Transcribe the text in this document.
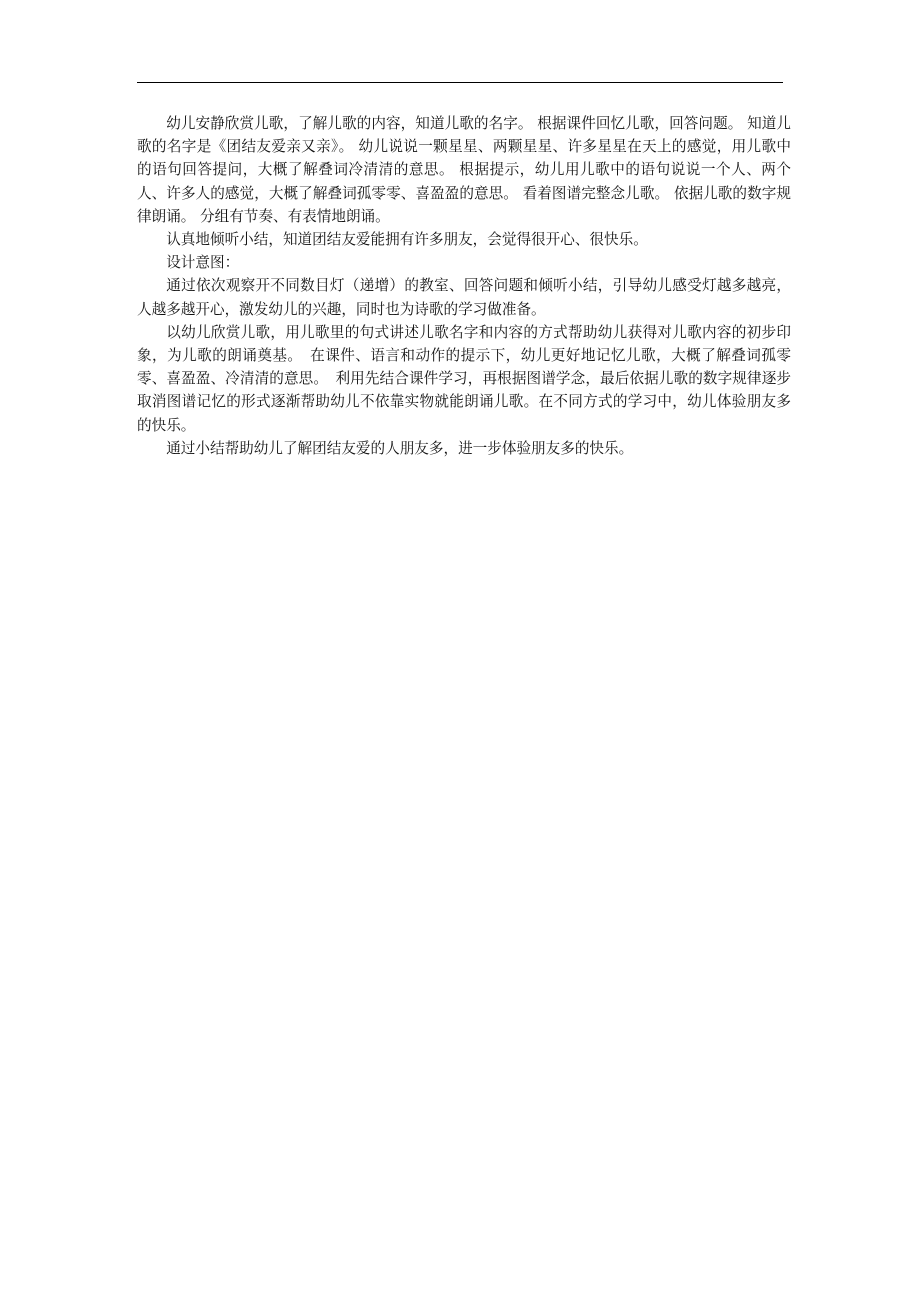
幼儿安静欣赏儿歌，了解儿歌的内容，知道儿歌的名字。 根据课件回忆儿歌，回答问题。 知道儿歌的名字是《团结友爱亲又亲》。 幼儿说说一颗星星、两颗星星、许多星星在天上的感觉，用儿歌中的语句回答提问，大概了解叠词冷清清的意思。 根据提示，幼儿用儿歌中的语句说说一个人、两个人、许多人的感觉，大概了解叠词孤零零、喜盈盈的意思。 看着图谱完整念儿歌。 依据儿歌的数字规律朗诵。 分组有节奏、有表情地朗诵。

认真地倾听小结，知道团结友爱能拥有许多朋友，会觉得很开心、很快乐。

设计意图：

通过依次观察开不同数目灯（递增）的教室、回答问题和倾听小结，引导幼儿感受灯越多越亮，人越多越开心，激发幼儿的兴趣，同时也为诗歌的学习做准备。

以幼儿欣赏儿歌，用儿歌里的句式讲述儿歌名字和内容的方式帮助幼儿获得对儿歌内容的初步印象，为儿歌的朗诵奠基。　在课件、语言和动作的提示下，幼儿更好地记忆儿歌，大概了解叠词孤零零、喜盈盈、冷清清的意思。　利用先结合课件学习，再根据图谱学念，最后依据儿歌的数字规律逐步取消图谱记忆的形式逐渐帮助幼儿不依靠实物就能朗诵儿歌。在不同方式的学习中，幼儿体验朋友多的快乐。

通过小结帮助幼儿了解团结友爱的人朋友多，进一步体验朋友多的快乐。
